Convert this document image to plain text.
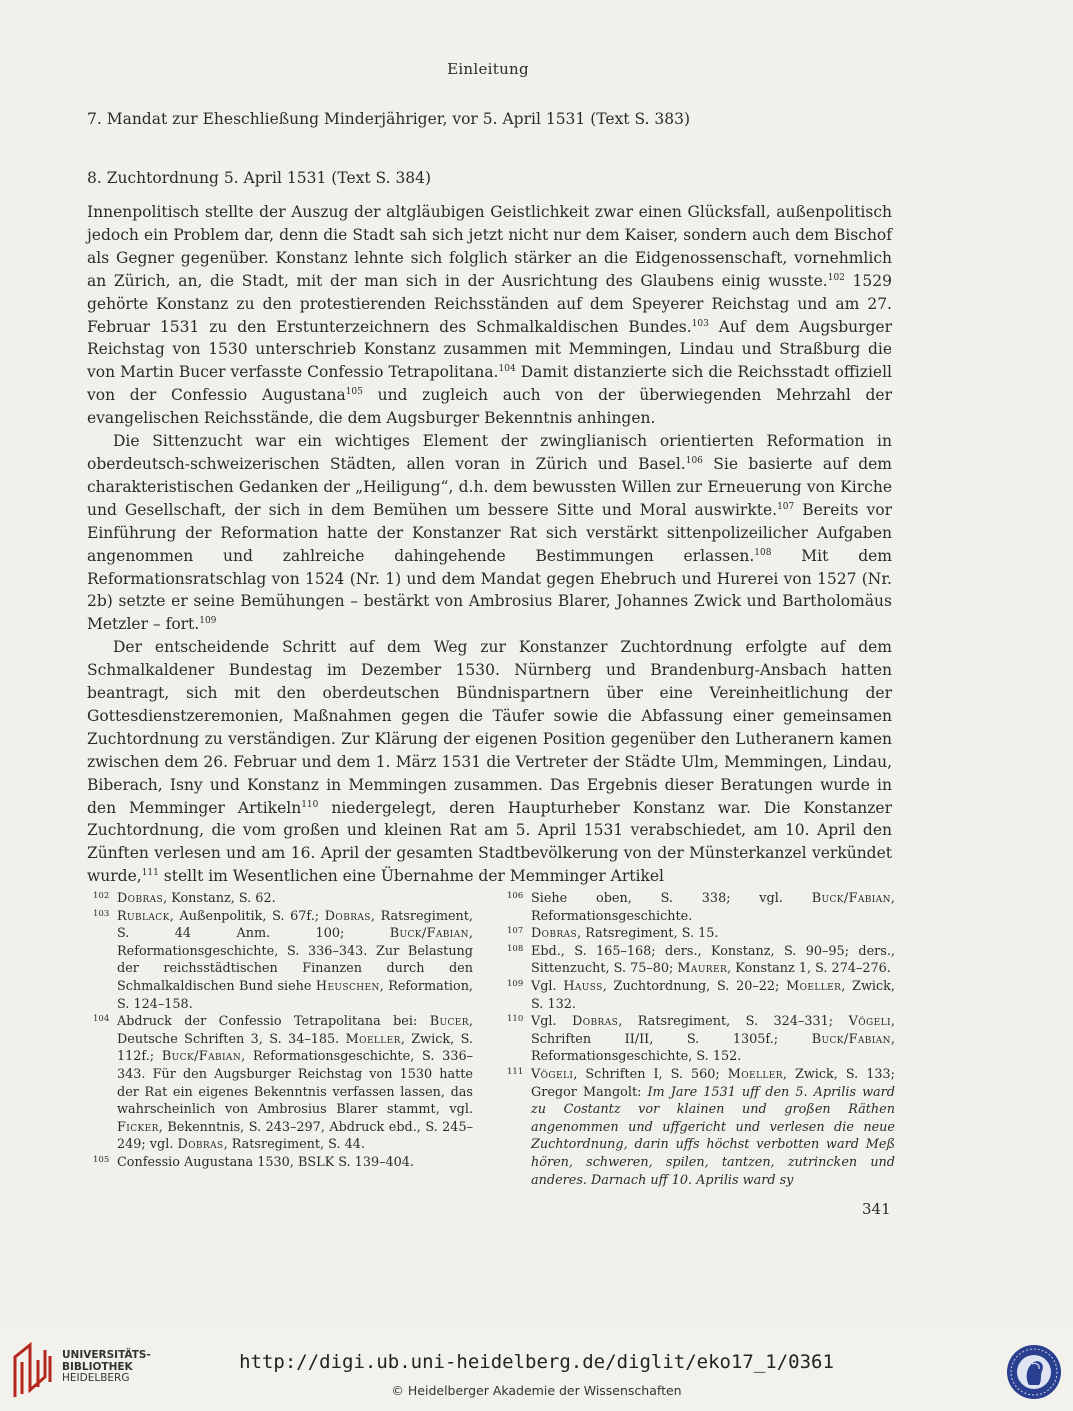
Einleitung
7. Mandat zur Eheschließung Minderjähriger, vor 5. April 1531 (Text S. 383)
8. Zuchtordnung 5. April 1531 (Text S. 384)

Innenpolitisch stellte der Auszug der altgläubigen Geistlichkeit zwar einen Glücksfall, außenpolitisch jedoch ein Problem dar, denn die Stadt sah sich jetzt nicht nur dem Kaiser, sondern auch dem Bischof als Gegner gegenüber. Konstanz lehnte sich folglich stärker an die Eidgenossenschaft, vornehmlich an Zürich, an, die Stadt, mit der man sich in der Ausrichtung des Glaubens einig wusste.$^{102}$ 1529 gehörte Konstanz zu den protestierenden Reichsständen auf dem Speyerer Reichstag und am 27. Februar 1531 zu den Erstunterzeichnern des Schmalkaldischen Bundes.$^{103}$ Auf dem Augsburger Reichstag von 1530 unterschrieb Konstanz zusammen mit Memmingen, Lindau und Straßburg die von Martin Bucer verfasste Confessio Tetrapolitana.$^{104}$ Damit distanzierte sich die Reichsstadt offiziell von der Confessio Augustana$^{105}$ und zugleich auch von der überwiegenden Mehrzahl der evangelischen Reichsstände, die dem Augsburger Bekenntnis anhingen.

Die Sittenzucht war ein wichtiges Element der zwinglianisch orientierten Reformation in oberdeutsch-schweizerischen Städten, allen voran in Zürich und Basel.$^{106}$ Sie basierte auf dem charakteristischen Gedanken der „Heiligung“, d.h. dem bewussten Willen zur Erneuerung von Kirche und Gesellschaft, der sich in dem Bemühen um bessere Sitte und Moral auswirkte.$^{107}$ Bereits vor Einführung der Reformation hatte der Konstanzer Rat sich verstärkt sittenpolizeilicher Aufgaben angenommen und zahlreiche dahingehende Bestimmungen erlassen.$^{108}$ Mit dem Reformationsratschlag von 1524 (Nr. 1) und dem Mandat gegen Ehebruch und Hurerei von 1527 (Nr. 2b) setzte er seine Bemühungen – bestärkt von Ambrosius Blarer, Johannes Zwick und Bartholomäus Metzler – fort.$^{109}$

Der entscheidende Schritt auf dem Weg zur Konstanzer Zuchtordnung erfolgte auf dem Schmalkaldener Bundestag im Dezember 1530. Nürnberg und Brandenburg-Ansbach hatten beantragt, sich mit den oberdeutschen Bündnispartnern über eine Vereinheitlichung der Gottesdienstzeremonien, Maßnahmen gegen die Täufer sowie die Abfassung einer gemeinsamen Zuchtordnung zu verständigen. Zur Klärung der eigenen Position gegenüber den Lutheranern kamen zwischen dem 26. Februar und dem 1. März 1531 die Vertreter der Städte Ulm, Memmingen, Lindau, Biberach, Isny und Konstanz in Memmingen zusammen. Das Ergebnis dieser Beratungen wurde in den Memminger Artikeln$^{110}$ niedergelegt, deren Haupturheber Konstanz war. Die Konstanzer Zuchtordnung, die vom großen und kleinen Rat am 5. April 1531 verabschiedet, am 10. April den Zünften verlesen und am 16. April der gesamten Stadtbevölkerung von der Münsterkanzel verkündet wurde,$^{111}$ stellt im Wesentlichen eine Übernahme der Memminger Artikel

102 Dobras, Konstanz, S. 62.
103 Rublack, Außenpolitik, S. 67f.; Dobras, Ratsregiment, S. 44 Anm. 100; Buck/Fabian, Reformationsgeschichte, S. 336–343. Zur Belastung der reichsstädtischen Finanzen durch den Schmalkaldischen Bund siehe Heuschen, Reformation, S. 124–158.
104 Abdruck der Confessio Tetrapolitana bei: Bucer, Deutsche Schriften 3, S. 34–185. Moeller, Zwick, S. 112f.; Buck/Fabian, Reformationsgeschichte, S. 336–343. Für den Augsburger Reichstag von 1530 hatte der Rat ein eigenes Bekenntnis verfassen lassen, das wahrscheinlich von Ambrosius Blarer stammt, vgl. Ficker, Bekenntnis, S. 243–297, Abdruck ebd., S. 245–249; vgl. Dobras, Ratsregiment, S. 44.
105 Confessio Augustana 1530, BSLK S. 139–404.
106 Siehe oben, S. 338; vgl. Buck/Fabian, Reformationsgeschichte.
107 Dobras, Ratsregiment, S. 15.
108 Ebd., S. 165–168; ders., Konstanz, S. 90–95; ders., Sittenzucht, S. 75–80; Maurer, Konstanz 1, S. 274–276.
109 Vgl. Hauss, Zuchtordnung, S. 20–22; Moeller, Zwick, S. 132.
110 Vgl. Dobras, Ratsregiment, S. 324–331; Vögeli, Schriften II/II, S. 1305f.; Buck/Fabian, Reformationsgeschichte, S. 152.
111 Vögeli, Schriften I, S. 560; Moeller, Zwick, S. 133; Gregor Mangolt: Im Jare 1531 uff den 5. Aprilis ward zu Costantz vor klainen und großen Räthen angenommen und uffgericht und verlesen die neue Zuchtordnung, darin uffs höchst verbotten ward Meß hören, schweren, spilen, tantzen, zutrincken und anderes. Darnach uff 10. Aprilis ward sy
341
UNIVERSITÄTS-
BIBLIOTHEK
HEIDELBERG
http://digi.ub.uni-heidelberg.de/diglit/eko17_1/0361
© Heidelberger Akademie der Wissenschaften
